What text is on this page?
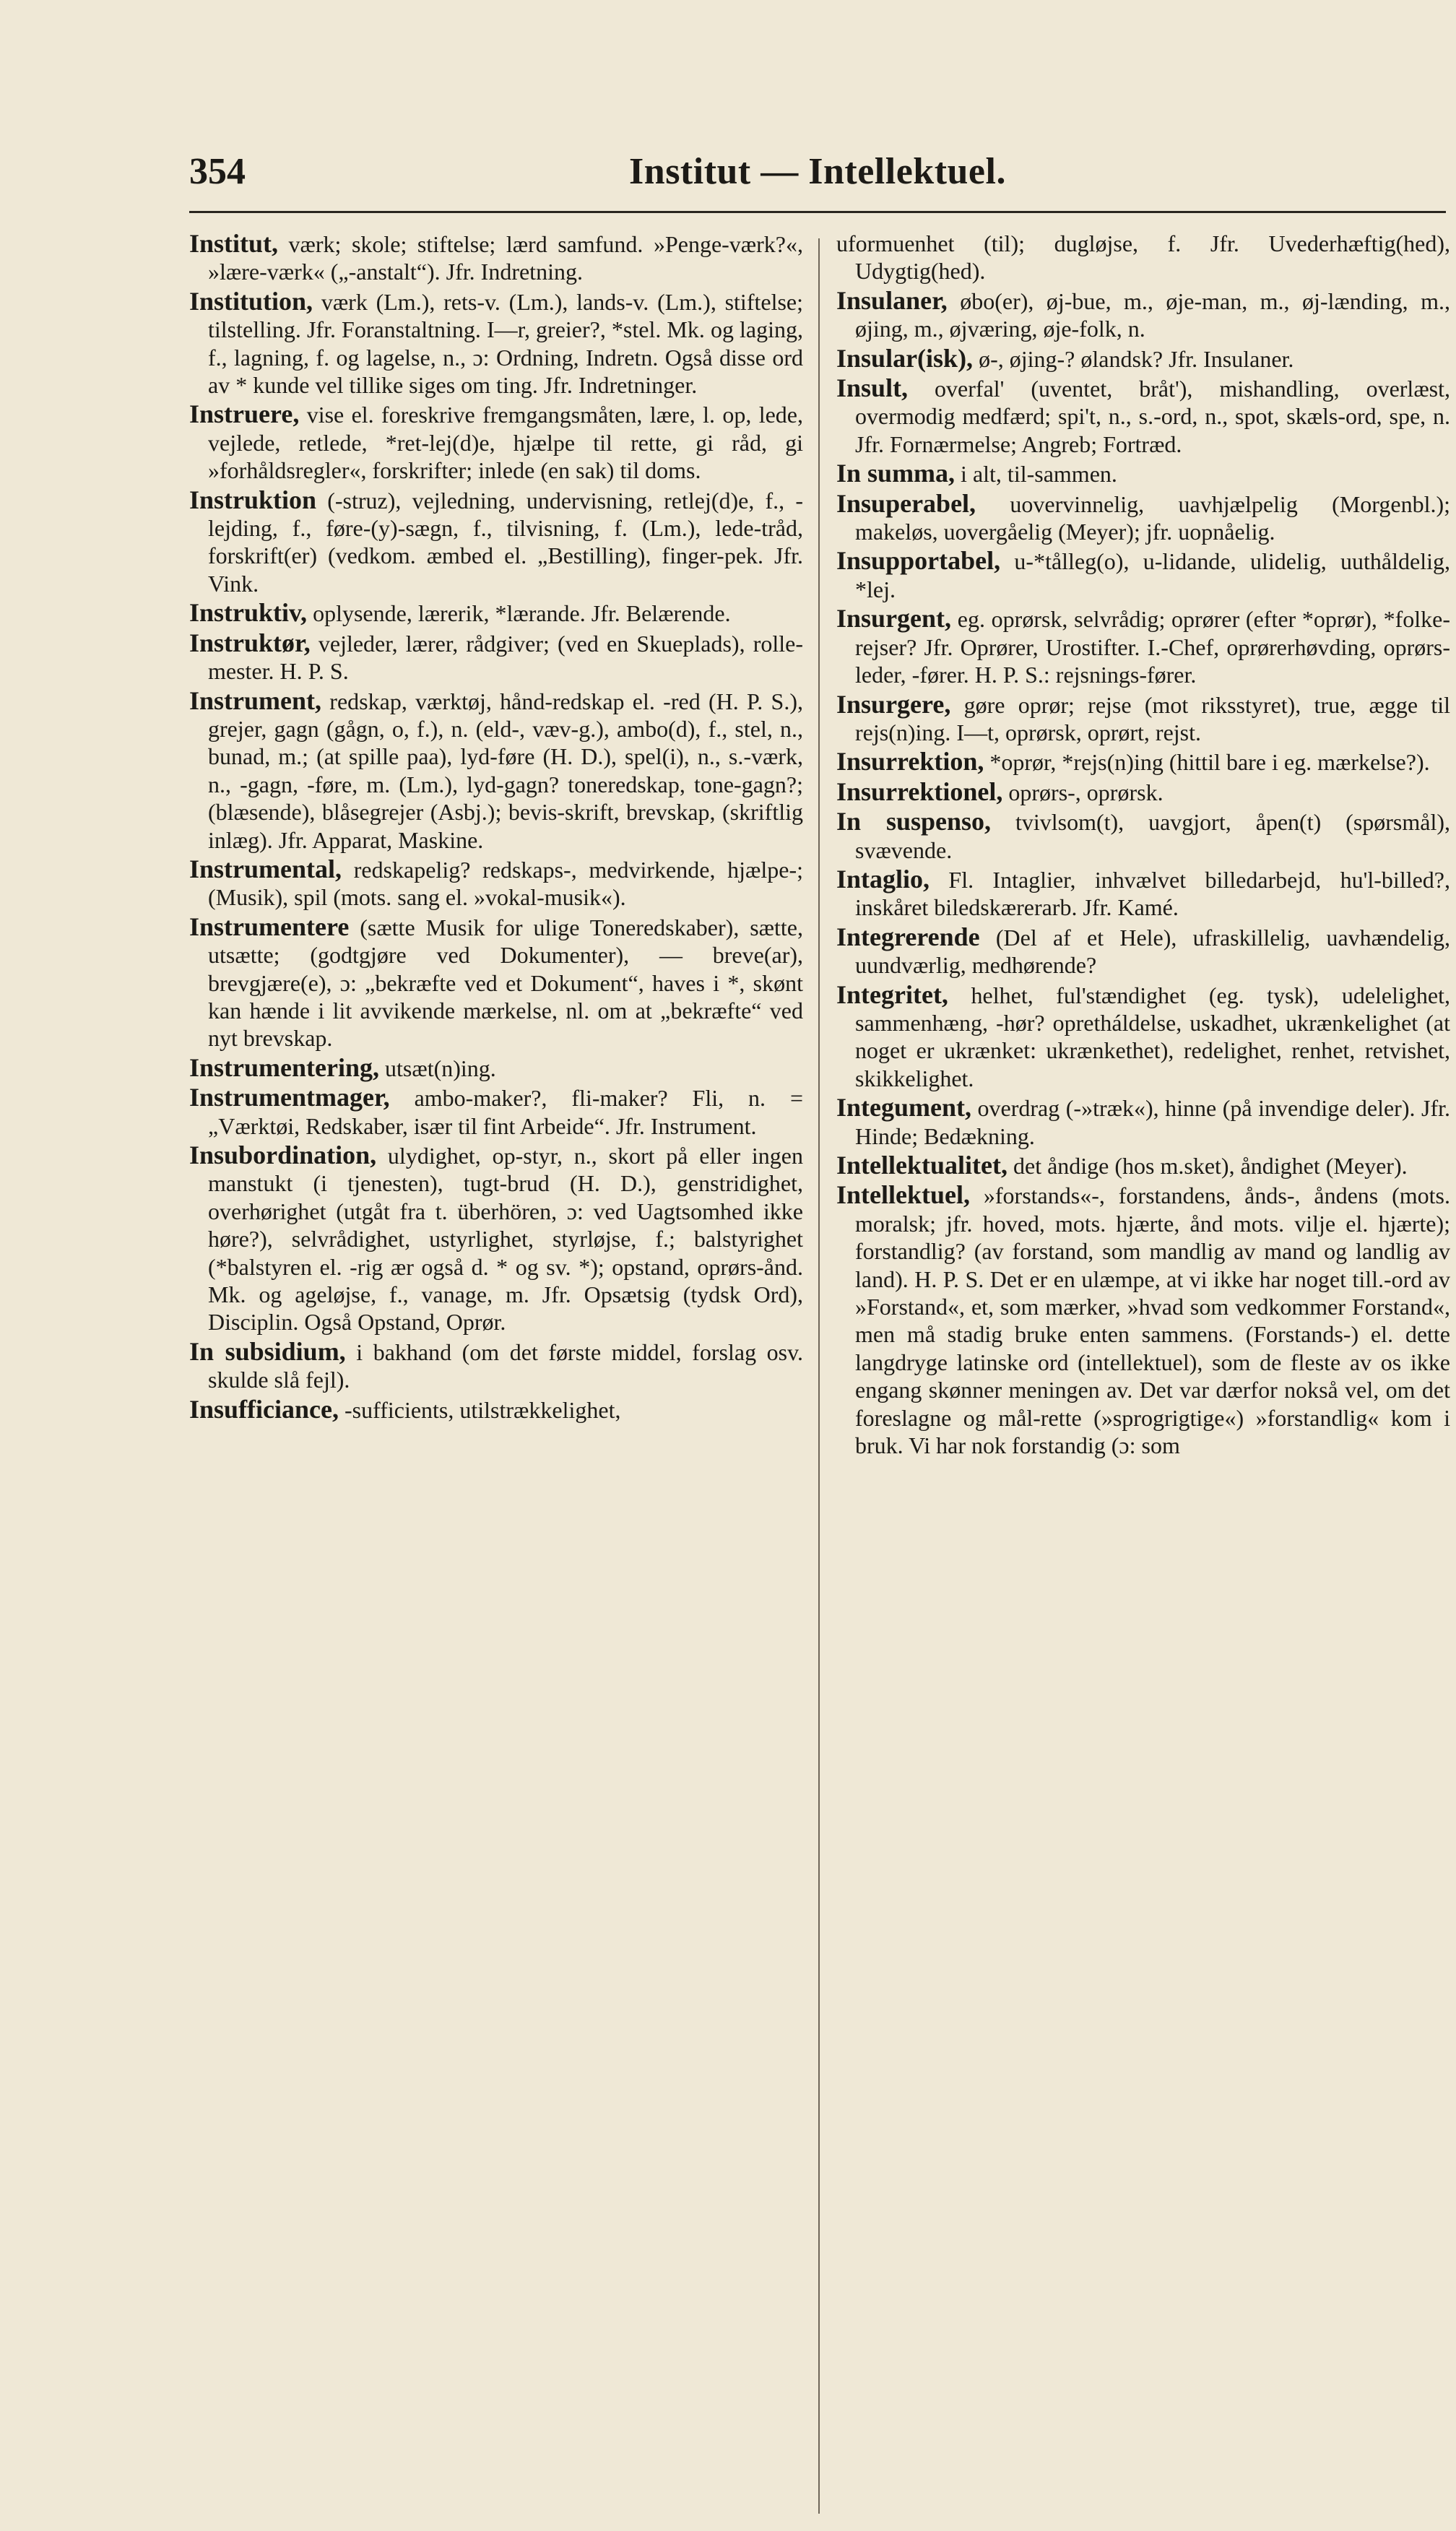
354	Institut — Intellektuel.

Institut, værk; skole; stiftelse; lærd samfund. »Penge-værk?«, »lære-værk« („-anstalt“). Jfr. Indretning.

Institution, værk (Lm.), rets-v. (Lm.), lands-v. (Lm.), stiftelse; tilstelling. Jfr. Foranstaltning. I—r, greier?, *stel. Mk. og laging, f., lagning, f. og lagelse, n., ɔ: Ordning, Indretn. Også disse ord av * kunde vel tillike siges om ting. Jfr. Indretninger.

Instruere, vise el. foreskrive fremgangsmåten, lære, l. op, lede, vejlede, retlede, *ret-lej(d)e, hjælpe til rette, gi råd, gi »forhåldsregler«, forskrifter; inlede (en sak) til doms.

Instruktion (-struz), vejledning, undervisning, retlej(d)e, f., -lejding, f., føre-(y)-sægn, f., tilvisning, f. (Lm.), lede-tråd, forskrift(er) (vedkom. æmbed el. „Bestilling), finger-pek. Jfr. Vink.

Instruktiv, oplysende, lærerik, *lærande. Jfr. Belærende.

Instruktør, vejleder, lærer, rådgiver; (ved en Skueplads), rolle-mester. H. P. S.

Instrument, redskap, værktøj, hånd-redskap el. -red (H. P. S.), grejer, gagn (gågn, o, f.), n. (eld-, væv-g.), ambo(d), f., stel, n., bunad, m.; (at spille paa), lyd-føre (H. D.), spel(i), n., s.-værk, n., -gagn, -føre, m. (Lm.), lyd-gagn? toneredskap, tone-gagn?; (blæsende), blåsegrejer (Asbj.); bevis-skrift, brevskap, (skriftlig inlæg). Jfr. Apparat, Maskine.

Instrumental, redskapelig? redskaps-, medvirkende, hjælpe-; (Musik), spil (mots. sang el. »vokal-musik«).

Instrumentere (sætte Musik for ulige Toneredskaber), sætte, utsætte; (godtgjøre ved Dokumenter), — breve(ar), brevgjære(e), ɔ: „bekræfte ved et Dokument“, haves i *, skønt kan hænde i lit avvikende mærkelse, nl. om at „bekræfte“ ved nyt brevskap.

Instrumentering, utsæt(n)ing.

Instrumentmager, ambo-maker?, fli-maker? Fli, n. = „Værktøi, Redskaber, især til fint Arbeide“. Jfr. Instrument.

Insubordination, ulydighet, op-styr, n., skort på eller ingen manstukt (i tjenesten), tugt-brud (H. D.), genstridighet, overhørighet (utgåt fra t. überhören, ɔ: ved Uagtsomhed ikke høre?), selvrådighet, ustyrlighet, styrløjse, f.; balstyrighet (*balstyren el. -rig ær også d. * og sv. *); opstand, oprørs-ånd. Mk. og ageløjse, f., vanage, m. Jfr. Opsætsig (tydsk Ord), Disciplin. Også Opstand, Oprør.

In subsidium, i bakhand (om det første middel, forslag osv. skulde slå fejl).

Insufficiance, -sufficients, utilstrækkelighet,

uformuenhet (til); dugløjse, f. Jfr. Uvederhæftig(hed), Udygtig(hed).

Insulaner, øbo(er), øj-bue, m., øje-man, m., øj-lænding, m., øjing, m., øjværing, øje-folk, n.

Insular(isk), ø-, øjing-? ølandsk? Jfr. Insulaner.

Insult, overfal' (uventet, bråt'), mishandling, overlæst, overmodig medfærd; spi't, n., s.-ord, n., spot, skæls-ord, spe, n. Jfr. Fornærmelse; Angreb; Fortræd.

In summa, i alt, til-sammen.

Insuperabel, uovervinnelig, uavhjælpelig (Morgenbl.); makeløs, uovergåelig (Meyer); jfr. uopnåelig.

Insupportabel, u-*tålleg(o), u-lidande, ulidelig, uuthåldelig, *lej.

Insurgent, eg. oprørsk, selvrådig; oprører (efter *oprør), *folke-rejser? Jfr. Oprører, Urostifter. I.-Chef, oprørerhøvding, oprørs-leder, -fører. H. P. S.: rejsnings-fører.

Insurgere, gøre oprør; rejse (mot riksstyret), true, ægge til rejs(n)ing. I—t, oprørsk, oprørt, rejst.

Insurrektion, *oprør, *rejs(n)ing (hittil bare i eg. mærkelse?).

Insurrektionel, oprørs-, oprørsk.

In suspenso, tvivlsom(t), uavgjort, åpen(t) (spørsmål), svævende.

Intaglio, Fl. Intaglier, inhvælvet billedarbejd, hu'l-billed?, inskåret biledskærerarb. Jfr. Kamé.

Integrerende (Del af et Hele), ufraskillelig, uavhændelig, uundværlig, medhørende?

Integritet, helhet, ful'stændighet (eg. tysk), udelelighet, sammenhæng, -hør? opretháldelse, uskadhet, ukrænkelighet (at noget er ukrænket: ukrænkethet), redelighet, renhet, retvishet, skikkelighet.

Integument, overdrag (-»træk«), hinne (på invendige deler). Jfr. Hinde; Bedækning.

Intellektualitet, det åndige (hos m.sket), åndighet (Meyer).

Intellektuel, »forstands«-, forstandens, ånds-, åndens (mots. moralsk; jfr. hoved, mots. hjærte, ånd mots. vilje el. hjærte); forstandlig? (av forstand, som mandlig av mand og landlig av land). H. P. S. Det er en ulæmpe, at vi ikke har noget till.-ord av »Forstand«, et, som mærker, »hvad som vedkommer Forstand«, men må stadig bruke enten sammens. (Forstands-) el. dette langdryge latinske ord (intellektuel), som de fleste av os ikke engang skønner meningen av. Det var dærfor nokså vel, om det foreslagne og mål-rette (»sprogrigtige«) »forstandlig« kom i bruk. Vi har nok forstandig (ɔ: som
